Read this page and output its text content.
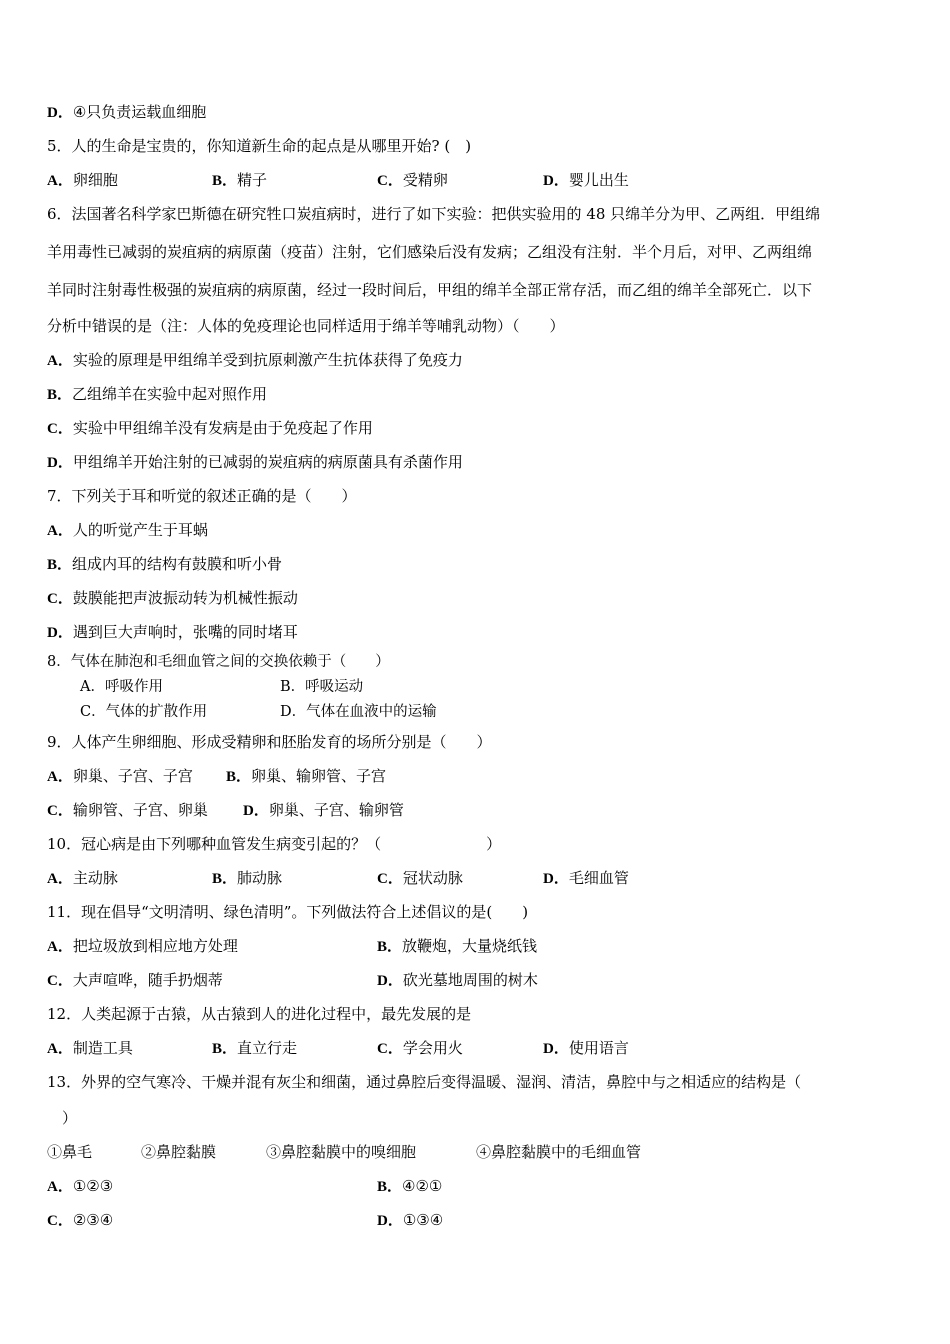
D．④只负责运载血细胞
5．人的生命是宝贵的，你知道新生命的起点是从哪里开始? (　)
A．卵细胞	B．精子	C．受精卵	D．婴儿出生
6．法国著名科学家巴斯德在研究牲口炭疽病时，进行了如下实验：把供实验用的 48 只绵羊分为甲、乙两组．甲组绵
羊用毒性已减弱的炭疽病的病原菌（疫苗）注射，它们感染后没有发病；乙组没有注射．半个月后，对甲、乙两组绵
羊同时注射毒性极强的炭疽病的病原菌，经过一段时间后，甲组的绵羊全部正常存活，而乙组的绵羊全部死亡．以下
分析中错误的是（注：人体的免疫理论也同样适用于绵羊等哺乳动物）（　　）
A．实验的原理是甲组绵羊受到抗原刺激产生抗体获得了免疫力
B．乙组绵羊在实验中起对照作用
C．实验中甲组绵羊没有发病是由于免疫起了作用
D．甲组绵羊开始注射的已减弱的炭疽病的病原菌具有杀菌作用
7．下列关于耳和听觉的叙述正确的是（　　）
A．人的听觉产生于耳蜗
B．组成内耳的结构有鼓膜和听小骨
C．鼓膜能把声波振动转为机械性振动
D．遇到巨大声响时，张嘴的同时堵耳
8．气体在肺泡和毛细血管之间的交换依赖于（　　）
A．呼吸作用	B．呼吸运动
C．气体的扩散作用	D．气体在血液中的运输
9．人体产生卵细胞、形成受精卵和胚胎发育的场所分别是（　　）
A．卵巢、子宫、子宫 B．卵巢、输卵管、子宫
C．输卵管、子宫、卵巢 D．卵巢、子宫、输卵管
10．冠心病是由下列哪种血管发生病变引起的？（　　　　　　　）
A．主动脉	B．肺动脉	C．冠状动脉	D．毛细血管
11．现在倡导“文明清明、绿色清明”。下列做法符合上述倡议的是(　　)
A．把垃圾放到相应地方处理	B．放鞭炮，大量烧纸钱
C．大声喧哗，随手扔烟蒂	D．砍光墓地周围的树木
12．人类起源于古猿，从古猿到人的进化过程中，最先发展的是
A．制造工具	B．直立行走	C．学会用火	D．使用语言
13．外界的空气寒冷、干燥并混有灰尘和细菌，通过鼻腔后变得温暖、湿润、清洁，鼻腔中与之相适应的结构是（
）
①鼻毛	②鼻腔黏膜	③鼻腔黏膜中的嗅细胞	④鼻腔黏膜中的毛细血管
A．①②③	B．④②①
C．②③④	D．①③④
